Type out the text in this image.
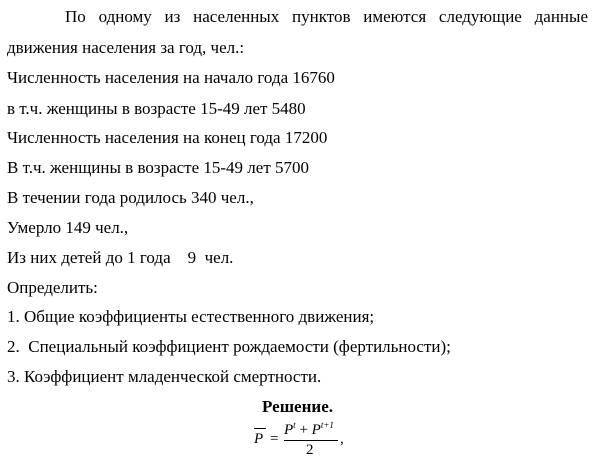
По одному из населенных пунктов имеются следующие данные
движения населения за год, чел.:
Численность населения на начало года 16760
в т.ч. женщины в возрасте 15-49 лет 5480
Численность населения на конец года 17200
В т.ч. женщины в возрасте 15-49 лет 5700
В течении года родилось 340 чел.,
Умерло 149 чел.,
Из них детей до 1 года    9  чел.
Определить:
1. Общие коэффициенты естественного движения;
2.  Специальный коэффициент рождаемости (фертильности);
3. Коэффициент младенческой смертности.
Решение.
P =
$P^t + P^{t+1}$
2
,
